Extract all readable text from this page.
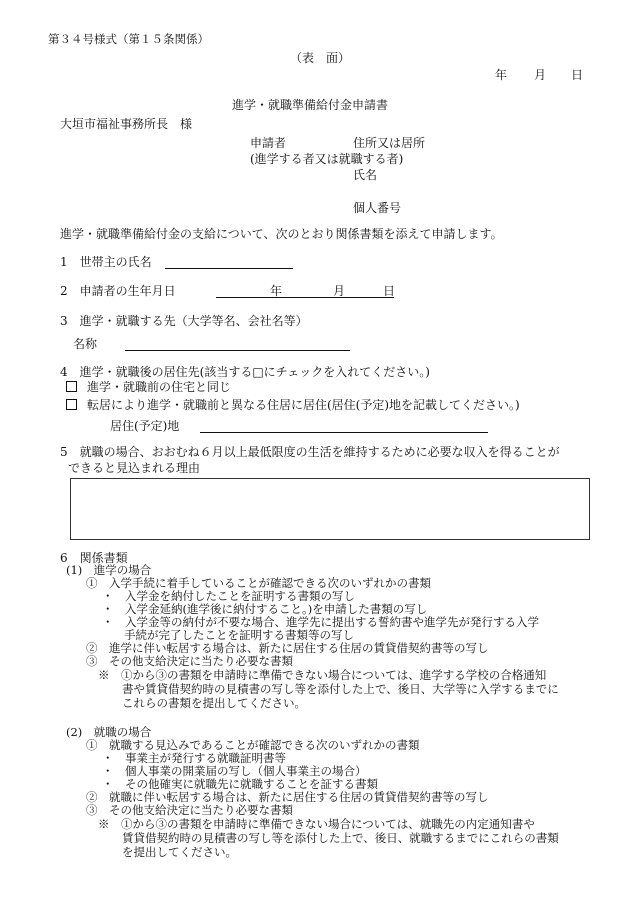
第３４号様式（第１５条関係）
（表　面）
年 月 日
進学・就職準備給付金申請書
大垣市福祉事務所長　様
申請者	住所又は居所
(進学する者又は就職する者)
氏名
個人番号
進学・就職準備給付金の支給について、次のとおり関係書類を添えて申請します。
1　世帯主の氏名
2　申請者の生年月日	年	月	日
3　進学・就職する先（大学等名、会社名等）
名称
4　進学・就職後の居住先(該当する□にチェックを入れてください。)
進学・就職前の住宅と同じ
転居により進学・就職前と異なる住居に居住(居住(予定)地を記載してください。)
居住(予定)地
5　就職の場合、おおむね６月以上最低限度の生活を維持するために必要な収入を得ることが
できると見込まれる理由
6　関係書類
(1)　進学の場合
①　入学手続に着手していることが確認できる次のいずれかの書類
・　入学金を納付したことを証明する書類の写し
・　入学金延納(進学後に納付すること。)を申請した書類の写し
・　入学金等の納付が不要な場合、進学先に提出する誓約書や進学先が発行する入学
手続が完了したことを証明する書類等の写し
②　進学に伴い転居する場合は、新たに居住する住居の賃貸借契約書等の写し
③　その他支給決定に当たり必要な書類
※　①から③の書類を申請時に準備できない場合については、進学する学校の合格通知
書や賃貸借契約時の見積書の写し等を添付した上で、後日、大学等に入学するまでに
これらの書類を提出してください。
(2)　就職の場合
①　就職する見込みであることが確認できる次のいずれかの書類
・　事業主が発行する就職証明書等
・　個人事業の開業届の写し（個人事業主の場合）
・　その他確実に就職先に就職することを証する書類
②　就職に伴い転居する場合は、新たに居住する住居の賃貸借契約書等の写し
③　その他支給決定に当たり必要な書類
※　①から③の書類を申請時に準備できない場合については、就職先の内定通知書や
賃貸借契約時の見積書の写し等を添付した上で、後日、就職するまでにこれらの書類
を提出してください。
